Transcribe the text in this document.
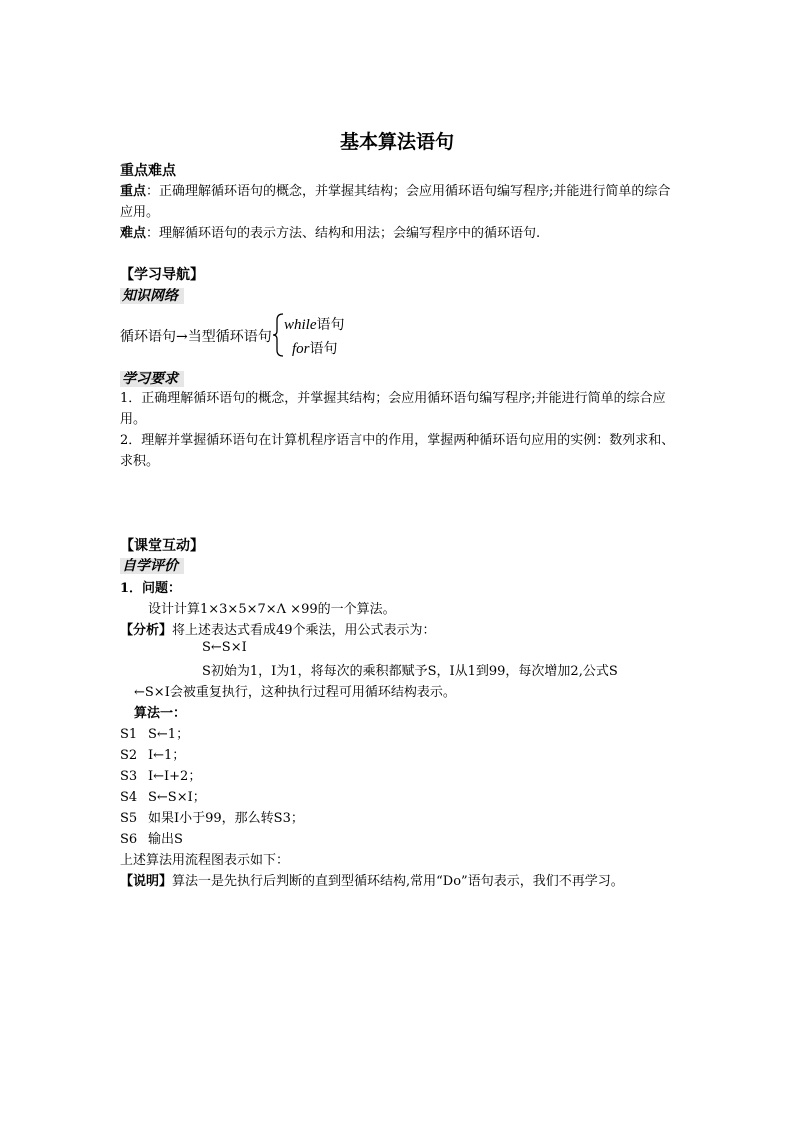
基本算法语句
重点难点
重点：正确理解循环语句的概念，并掌握其结构；会应用循环语句编写程序;并能进行简单的综合应用。
难点：理解循环语句的表示方法、结构和用法；会编写程序中的循环语句.
【学习导航】
知识网络
循环语句→当型循环语句
while语句
for语句
学习要求
1．正确理解循环语句的概念，并掌握其结构；会应用循环语句编写程序;并能进行简单的综合应用。
2．理解并掌握循环语句在计算机程序语言中的作用，掌握两种循环语句应用的实例：数列求和、求积。
【课堂互动】
自学评价
1．问题：
设计计算1×3×5×7×Λ ×99的一个算法。
【分析】将上述表达式看成49个乘法，用公式表示为：
S←S×I
S初始为1，I为1，将每次的乘积都赋予S，I从1到99，每次增加2,公式S
←S×I会被重复执行，这种执行过程可用循环结构表示。
算法一：
S1 S←1；
S2 I←1；
S3 I←I+2；
S4 S←S×I；
S5 如果I小于99，那么转S3；
S6 输出S
上述算法用流程图表示如下：
【说明】算法一是先执行后判断的直到型循环结构,常用“Do”语句表示，我们不再学习。
